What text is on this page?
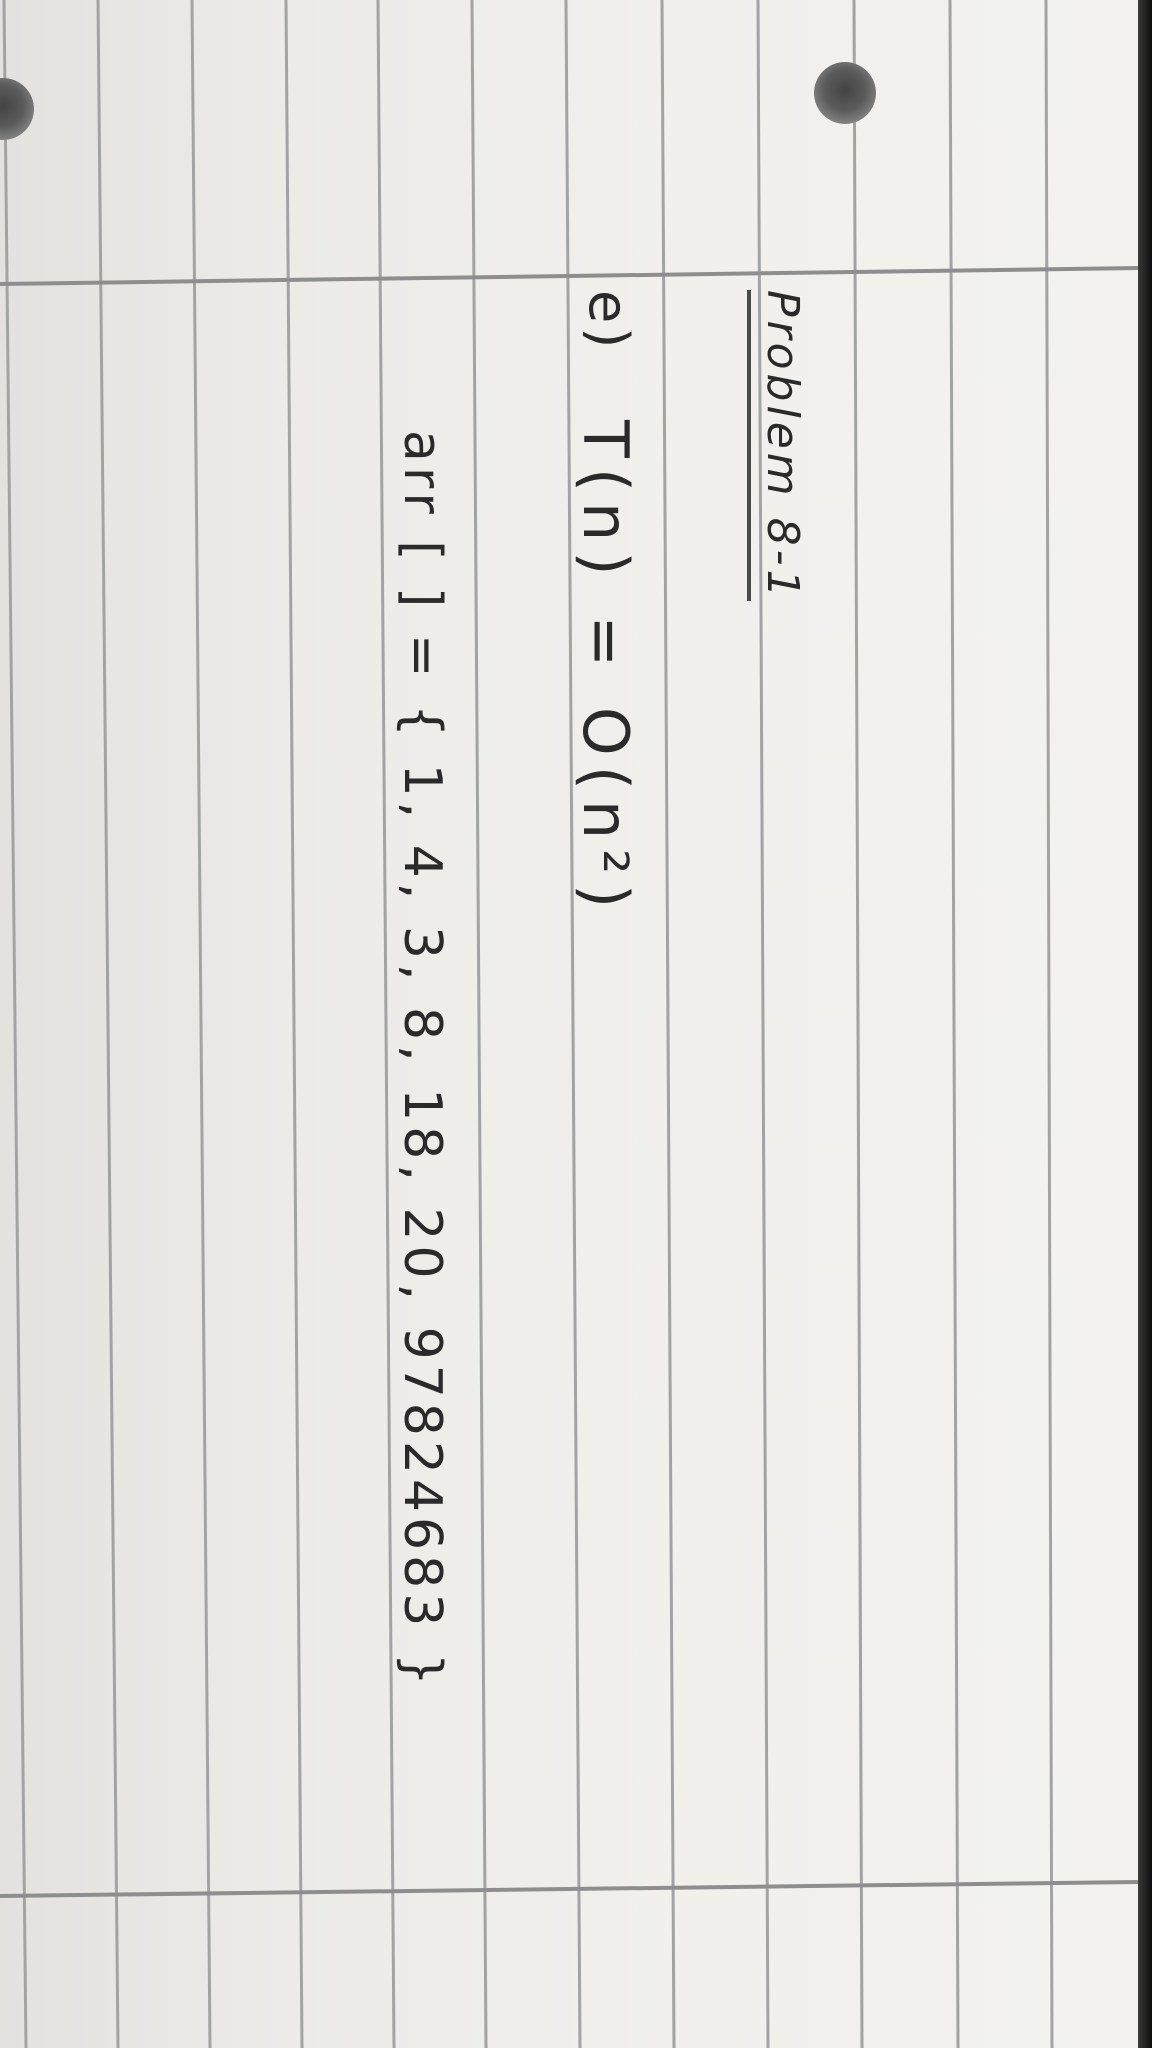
Problem 8-1
e)
T(n) = O(n²)
arr [ ] = { 1, 4, 3, 8, 18, 20, 97824683 }
